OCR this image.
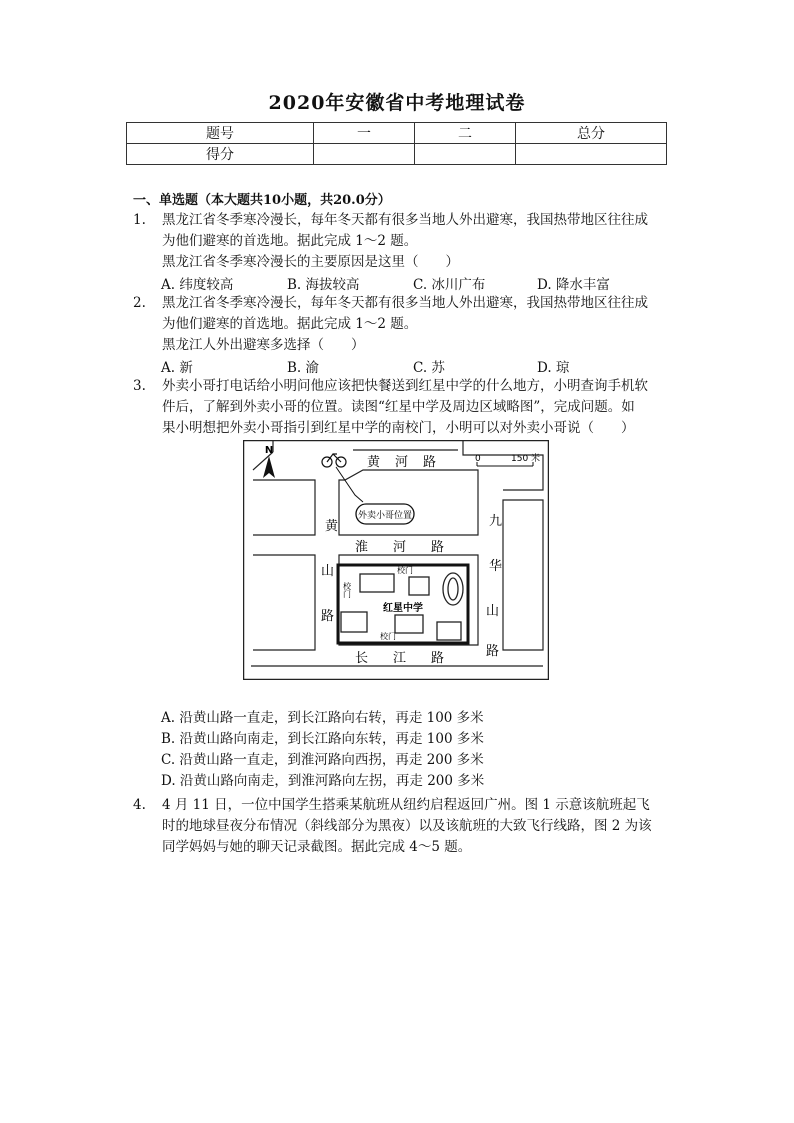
2020年安徽省中考地理试卷
题号	一	二	总分
得分			
一、单选题（本大题共10小题，共20.0分）
1.	黑龙江省冬季寒冷漫长，每年冬天都有很多当地人外出避寒，我国热带地区往往成
为他们避寒的首选地。据此完成 1～2 题。
黑龙江省冬季寒冷漫长的主要原因是这里（　　）
A. 纬度较高	B. 海拔较高	C. 冰川广布	D. 降水丰富
2.	黑龙江省冬季寒冷漫长，每年冬天都有很多当地人外出避寒，我国热带地区往往成
为他们避寒的首选地。据此完成 1～2 题。
黑龙江人外出避寒多选择（　　）
A. 新	B. 渝	C. 苏	D. 琼
3.	外卖小哥打电话给小明问他应该把快餐送到红星中学的什么地方，小明查询手机软
件后，了解到外卖小哥的位置。读图“红星中学及周边区域略图”，完成问题。如
果小明想把外卖小哥指引到红星中学的南校门，小明可以对外卖小哥说（　　）
N
0	150 米
外卖小哥位置
黄 河 路
淮 河 路
长 江 路
黄
山
路
九
华
山
路
红星中学
校门
校门
校门
A. 沿黄山路一直走，到长江路向右转，再走 100 多米
B. 沿黄山路向南走，到长江路向东转，再走 100 多米
C. 沿黄山路一直走，到淮河路向西拐，再走 200 多米
D. 沿黄山路向南走，到淮河路向左拐，再走 200 多米
4.	4 月 11 日，一位中国学生搭乘某航班从纽约启程返回广州。图 1 示意该航班起飞
时的地球昼夜分布情况（斜线部分为黑夜）以及该航班的大致飞行线路，图 2 为该
同学妈妈与她的聊天记录截图。据此完成 4～5 题。
